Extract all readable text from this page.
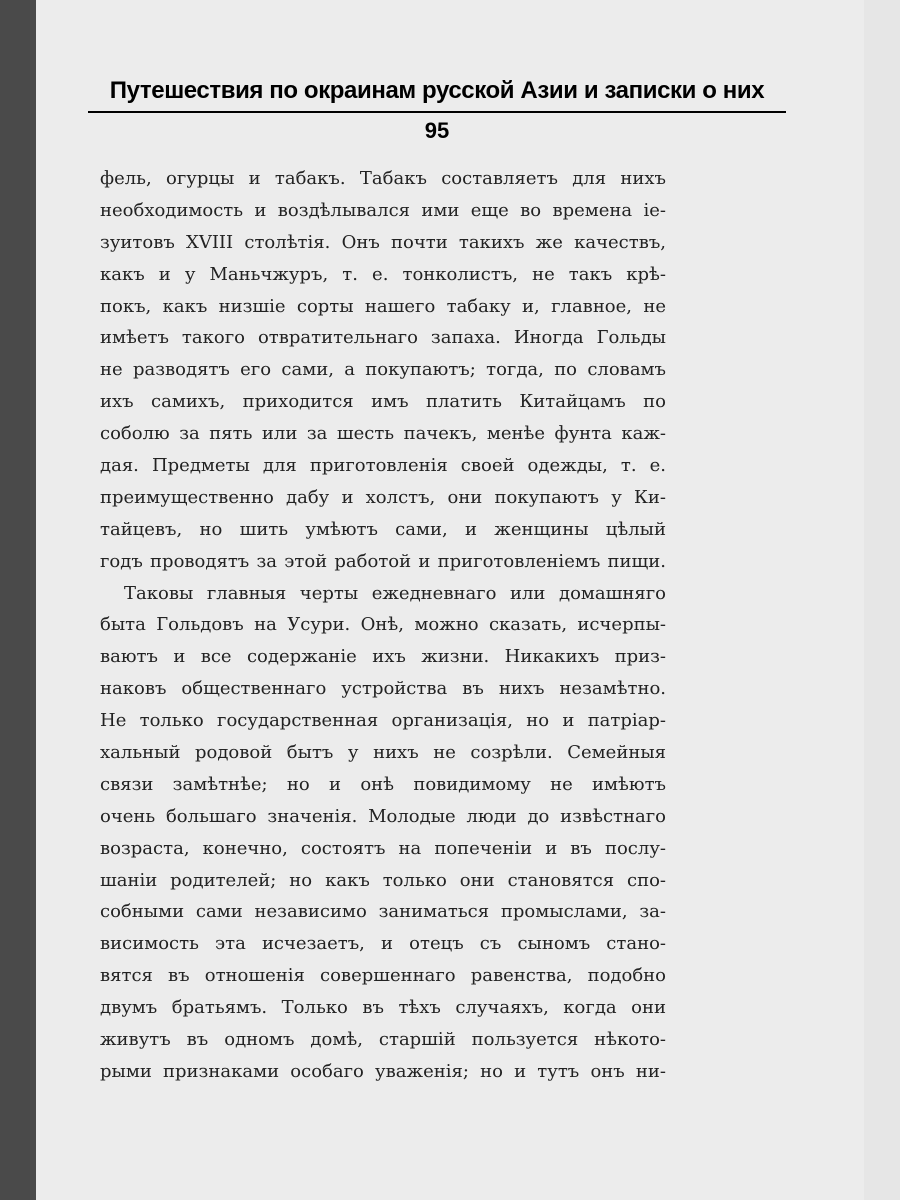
Путешествия по окраинам русской Азии и записки о них
95
фель, огурцы и табакъ. Табакъ составляетъ для нихъ
необходимость и воздѣлывался ими еще во времена iе-
зуитовъ XVIII столѣтiя. Онъ почти такихъ же качествъ,
какъ и у Маньчжуръ, т. е. тонколистъ, не такъ крѣ-
покъ, какъ низшiе сорты нашего табаку и, главное, не
имѣетъ такого отвратительнаго запаха. Иногда Гольды
не разводятъ его сами, а покупаютъ; тогда, по словамъ
ихъ самихъ, приходится имъ платить Китайцамъ по
соболю за пять или за шесть пачекъ, менѣе фунта каж-
дая. Предметы для приготовленiя своей одежды, т. е.
преимущественно дабу и холстъ, они покупаютъ у Ки-
тайцевъ, но шить умѣютъ сами, и женщины цѣлый
годъ проводятъ за этой работой и приготовленiемъ пищи.
Таковы главныя черты ежедневнаго или домашняго
быта Гольдовъ на Усури. Онѣ, можно сказать, исчерпы-
ваютъ и все содержанiе ихъ жизни. Никакихъ приз-
наковъ общественнаго устройства въ нихъ незамѣтно.
Не только государственная организацiя, но и патрiар-
хальный родовой бытъ у нихъ не созрѣли. Семейныя
связи замѣтнѣе; но и онѣ повидимому не имѣютъ
очень большаго значенiя. Молодые люди до извѣстнаго
возраста, конечно, состоятъ на попеченiи и въ послу-
шанiи родителей; но какъ только они становятся спо-
собными сами независимо заниматься промыслами, за-
висимость эта исчезаетъ, и отецъ съ сыномъ стано-
вятся въ отношенiя совершеннаго равенства, подобно
двумъ братьямъ. Только въ тѣхъ случаяхъ, когда они
живутъ въ одномъ домѣ, старшiй пользуется нѣкото-
рыми признаками особаго уваженiя; но и тутъ онъ ни-
